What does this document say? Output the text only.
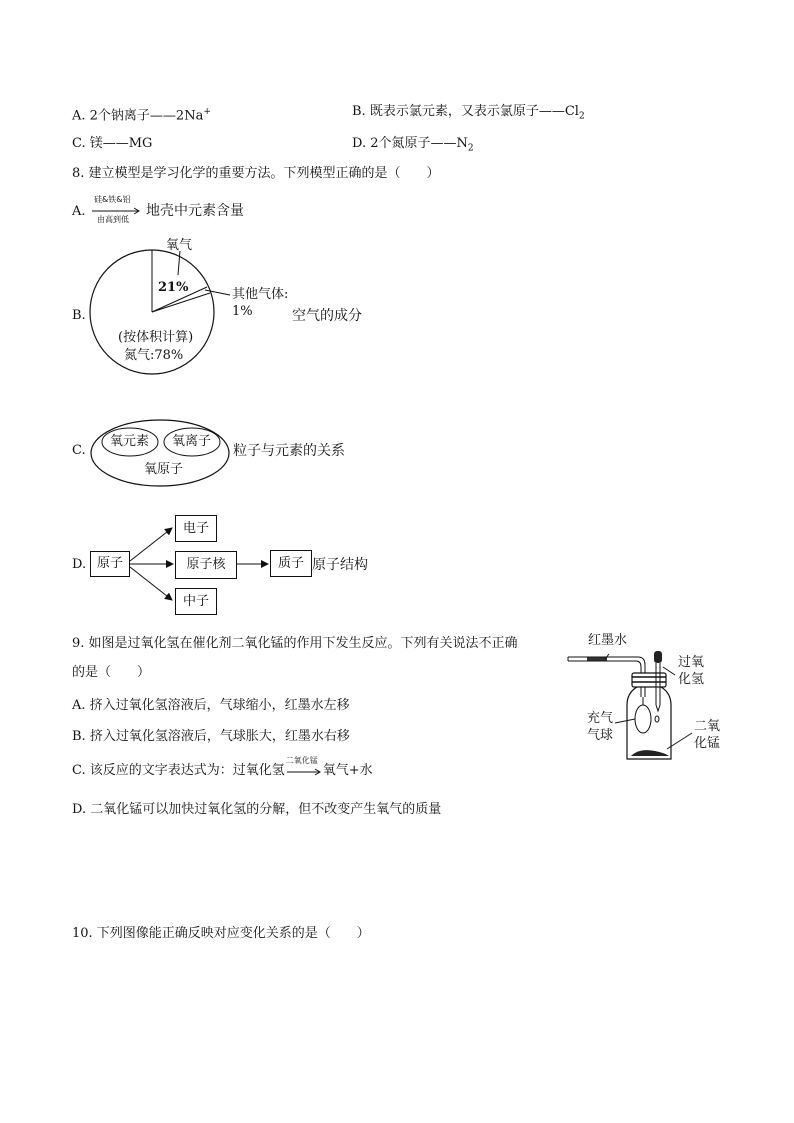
A. 2个钠离子——2Na+	B. 既表示氯元素，又表示氯原子$——Cl_2$
C. 镁——MG	D. 2个氮原子$——N_2$
8. 建立模型是学习化学的重要方法。下列模型正确的是（　　）
A.
硅&铁&铝
由高到低
地壳中元素含量
B.
氧气
21%	其他气体:
1%
(按体积计算)
氮气:78%
空气的成分
C.
氧元素 氧离子
氧原子
粒子与元素的关系
D. 原子
电子
原子核
中子
质子 原子结构
9. 如图是过氧化氢在催化剂二氧化锰的作用下发生反应。下列有关说法不正确
的是（　　）
A. 挤入过氧化氢溶液后，气球缩小，红墨水左移
B. 挤入过氧化氢溶液后，气球胀大，红墨水右移
C. 该反应的文字表达式为：过氧化氢
二氧化锰
氧气+水
D. 二氧化锰可以加快过氧化氢的分解，但不改变产生氧气的质量
红墨水
过氧
化氢
充气
气球
二氧
化锰
10. 下列图像能正确反映对应变化关系的是（　　）
